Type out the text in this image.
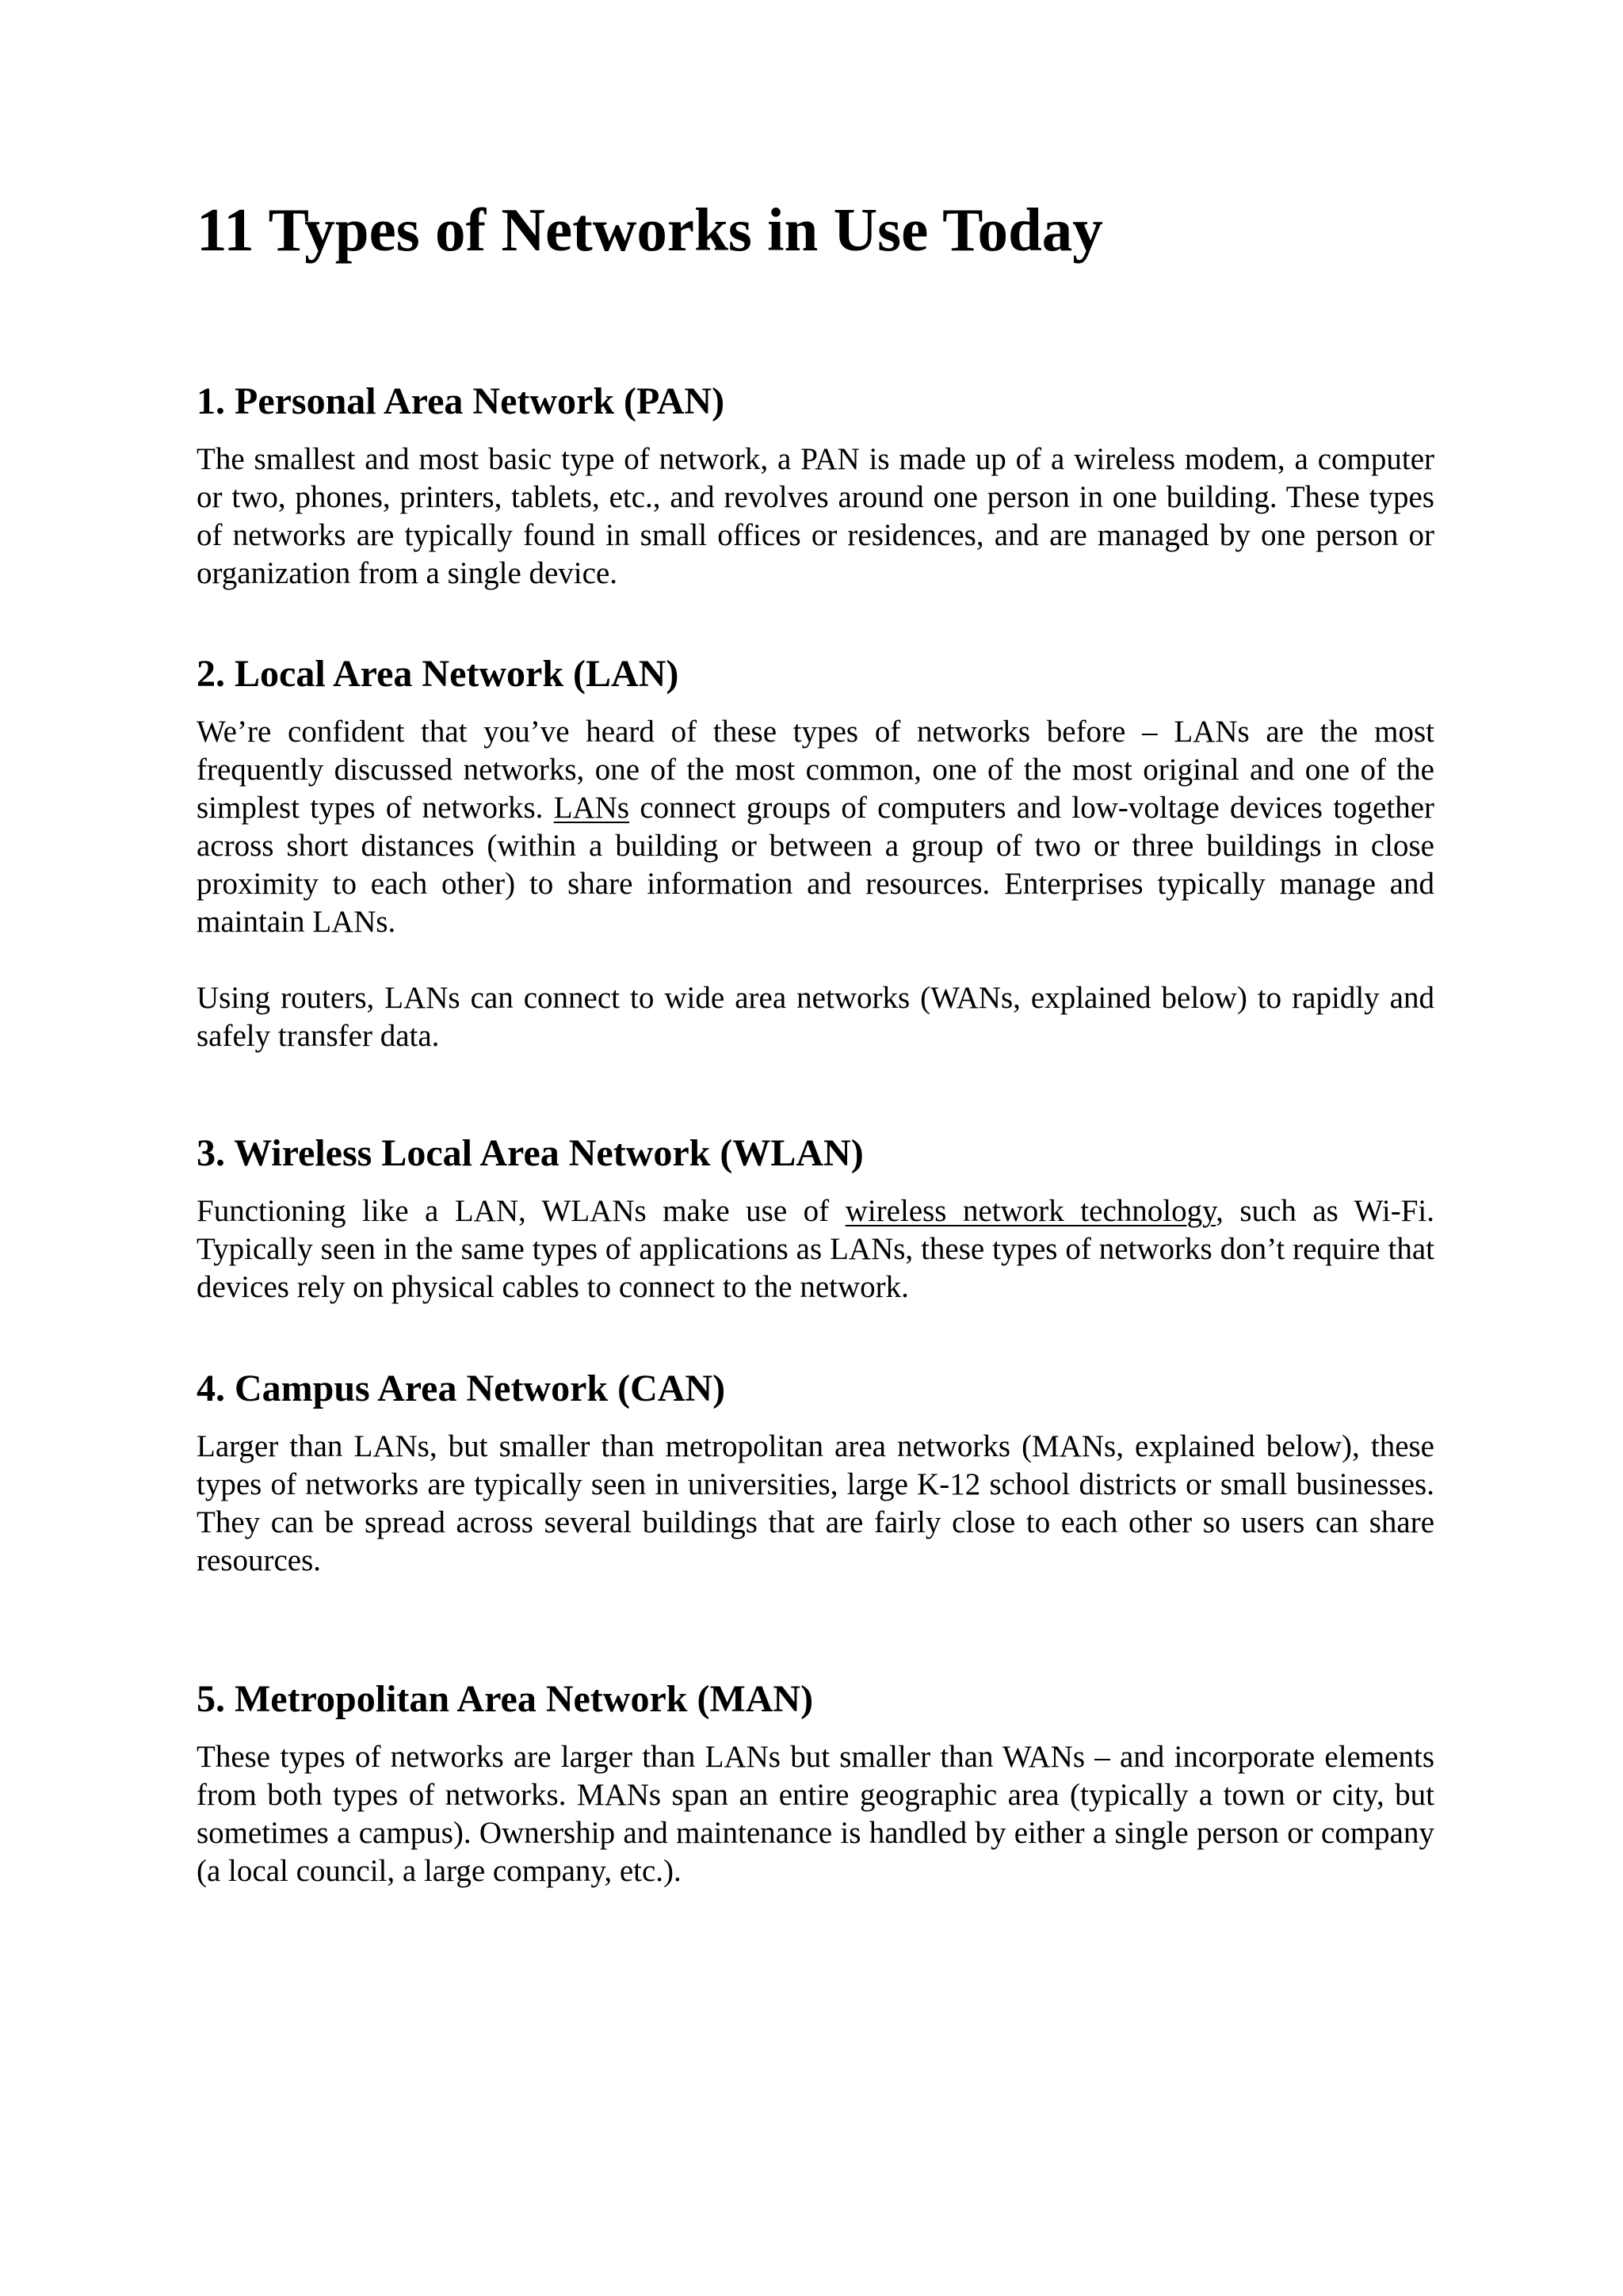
11 Types of Networks in Use Today
1. Personal Area Network (PAN)

The smallest and most basic type of network, a PAN is made up of a wireless modem, a computer or two, phones, printers, tablets, etc., and revolves around one person in one building. These types of networks are typically found in small offices or residences, and are managed by one person or organization from a single device.

2. Local Area Network (LAN)

We’re confident that you’ve heard of these types of networks before – LANs are the most frequently discussed networks, one of the most common, one of the most original and one of the simplest types of networks. LANs connect groups of computers and low-voltage devices together across short distances (within a building or between a group of two or three buildings in close proximity to each other) to share information and resources. Enterprises typically manage and maintain LANs.

Using routers, LANs can connect to wide area networks (WANs, explained below) to rapidly and safely transfer data.

3. Wireless Local Area Network (WLAN)

Functioning like a LAN, WLANs make use of wireless network technology, such as Wi-Fi. Typically seen in the same types of applications as LANs, these types of networks don’t require that devices rely on physical cables to connect to the network.

4. Campus Area Network (CAN)

Larger than LANs, but smaller than metropolitan area networks (MANs, explained below), these types of networks are typically seen in universities, large K-12 school districts or small businesses. They can be spread across several buildings that are fairly close to each other so users can share resources.

5. Metropolitan Area Network (MAN)

These types of networks are larger than LANs but smaller than WANs – and incorporate elements from both types of networks. MANs span an entire geographic area (typically a town or city, but sometimes a campus). Ownership and maintenance is handled by either a single person or company (a local council, a large company, etc.).
